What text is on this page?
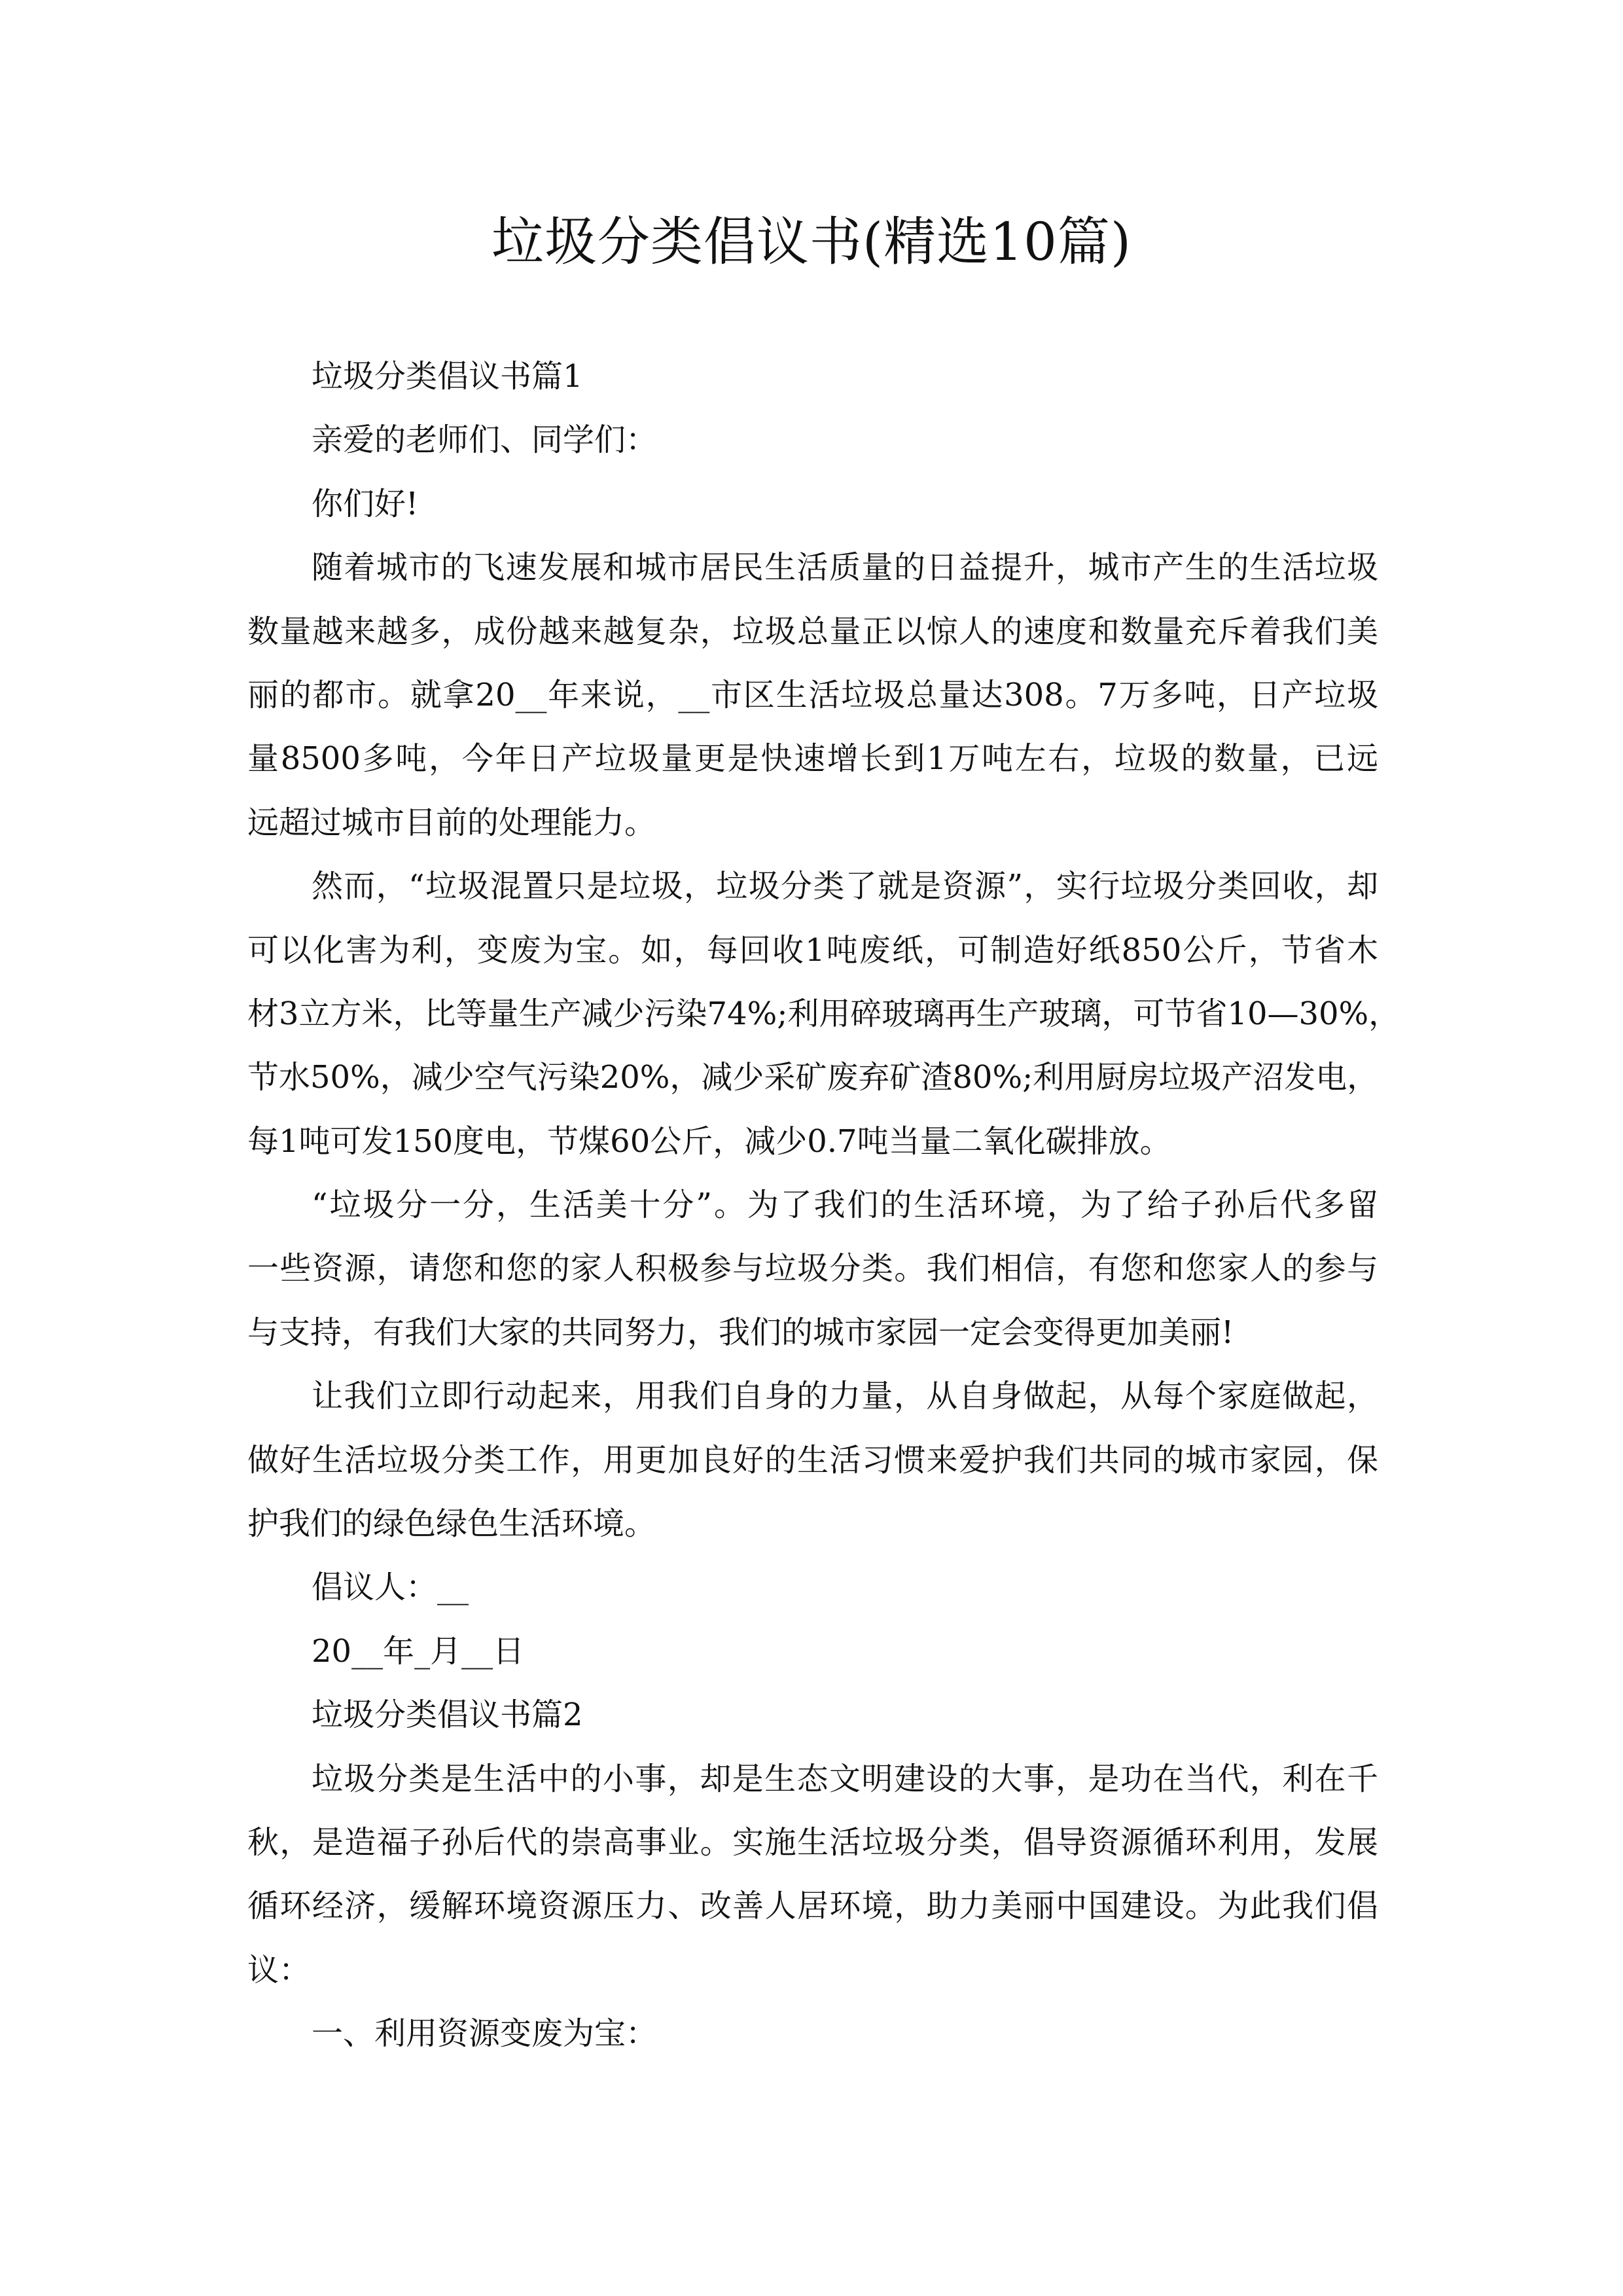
垃圾分类倡议书(精选10篇)
垃圾分类倡议书篇1
亲爱的老师们、同学们：
你们好!
随着城市的飞速发展和城市居民生活质量的日益提升，城市产生的生活垃圾
数量越来越多，成份越来越复杂，垃圾总量正以惊人的速度和数量充斥着我们美
丽的都市。就拿20__年来说，__市区生活垃圾总量达308。7万多吨，日产垃圾
量8500多吨，今年日产垃圾量更是快速增长到1万吨左右，垃圾的数量，已远
远超过城市目前的处理能力。
然而，“垃圾混置只是垃圾，垃圾分类了就是资源”，实行垃圾分类回收，却
可以化害为利，变废为宝。如，每回收1吨废纸，可制造好纸850公斤，节省木
材3立方米，比等量生产减少污染74%;利用碎玻璃再生产玻璃，可节省10—30%，
节水50%，减少空气污染20%，减少采矿废弃矿渣80%;利用厨房垃圾产沼发电，
每1吨可发150度电，节煤60公斤，减少0.7吨当量二氧化碳排放。
“垃圾分一分，生活美十分”。为了我们的生活环境，为了给子孙后代多留
一些资源，请您和您的家人积极参与垃圾分类。我们相信，有您和您家人的参与
与支持，有我们大家的共同努力，我们的城市家园一定会变得更加美丽!
让我们立即行动起来，用我们自身的力量，从自身做起，从每个家庭做起，
做好生活垃圾分类工作，用更加良好的生活习惯来爱护我们共同的城市家园，保
护我们的绿色绿色生活环境。
倡议人：__
20__年_月__日
垃圾分类倡议书篇2
垃圾分类是生活中的小事，却是生态文明建设的大事，是功在当代，利在千
秋，是造福子孙后代的崇高事业。实施生活垃圾分类，倡导资源循环利用，发展
循环经济，缓解环境资源压力、改善人居环境，助力美丽中国建设。为此我们倡
议：
一、利用资源变废为宝：
